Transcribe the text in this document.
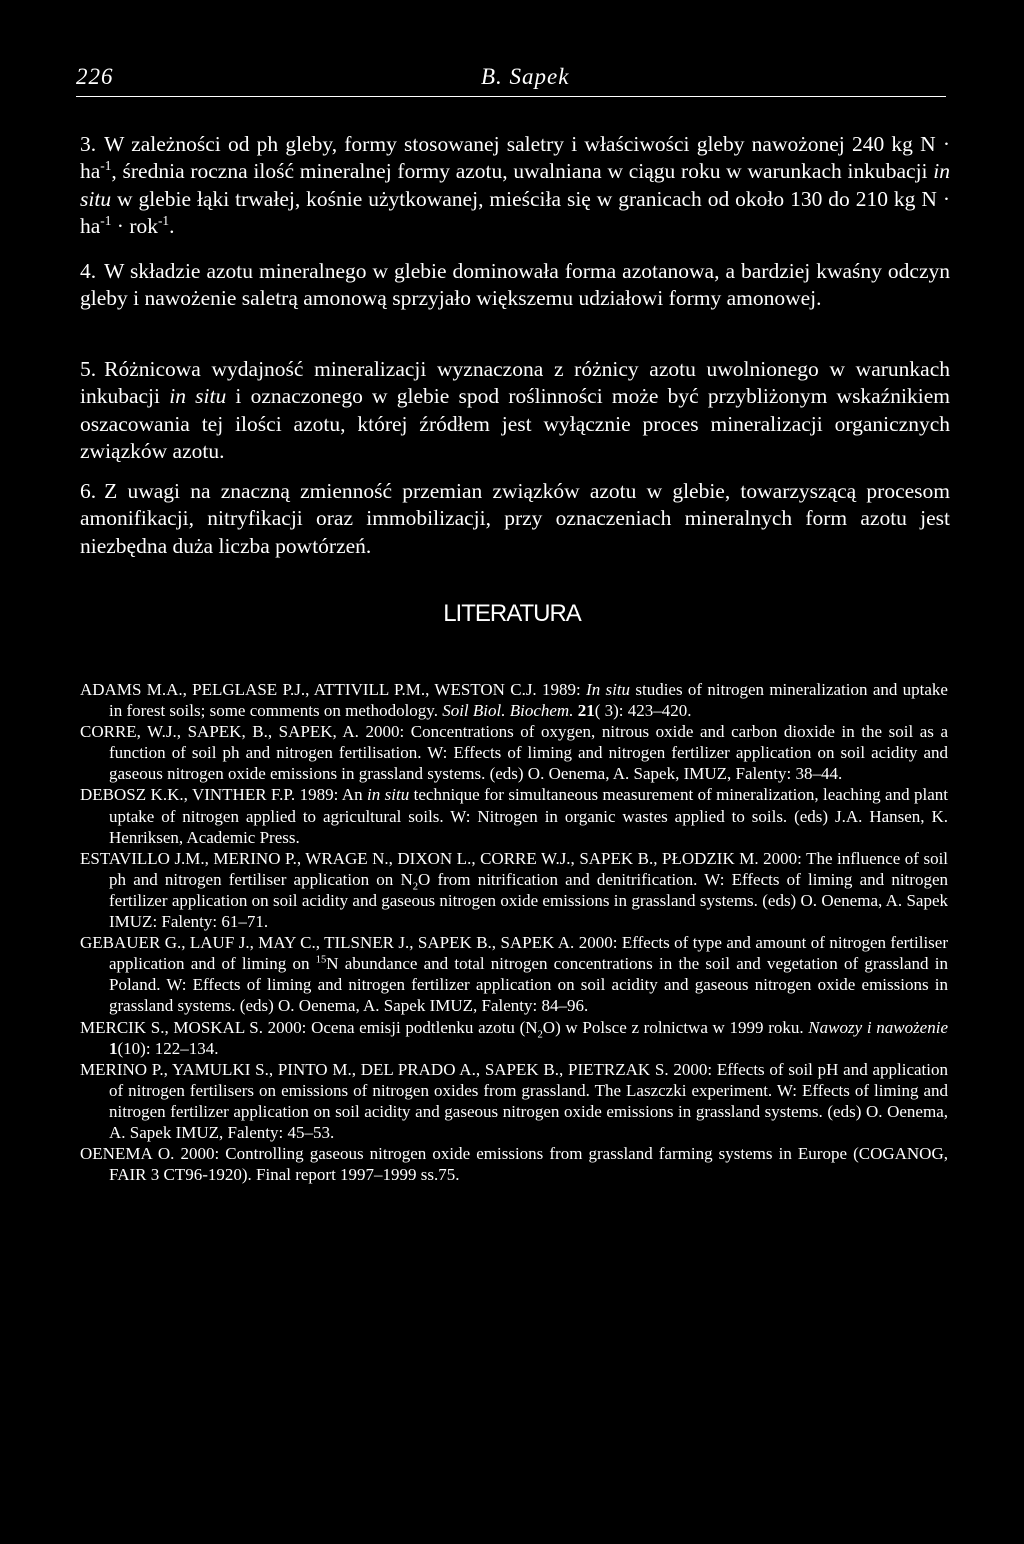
226	B. Sapek

3. W zależności od ph gleby, formy stosowanej saletry i właściwości gleby nawożonej 240 kg $N \cdot ha^{-1}$, średnia roczna ilość mineralnej formy azotu, uwalniana w ciągu roku w warunkach inkubacji in situ w glebie łąki trwałej, kośnie użytkowanej, mieściła się w granicach od około 130 do 210 kg $N \cdot ha^{-1} \cdot rok^{-1}$.

4. W składzie azotu mineralnego w glebie dominowała forma azotanowa, a bardziej kwaśny odczyn gleby i nawożenie saletrą amonową sprzyjało większemu udziałowi formy amonowej.

5. Różnicowa wydajność mineralizacji wyznaczona z różnicy azotu uwolnionego w warunkach inkubacji in situ i oznaczonego w glebie spod roślinności może być przybliżonym wskaźnikiem oszacowania tej ilości azotu, której źródłem jest wyłącznie proces mineralizacji organicznych związków azotu.

6. Z uwagi na znaczną zmienność przemian związków azotu w glebie, towarzyszącą procesom amonifikacji, nitryfikacji oraz immobilizacji, przy oznaczeniach mineralnych form azotu jest niezbędna duża liczba powtórzeń.

LITERATURA
ADAMS M.A., PELGLASE P.J., ATTIVILL P.M., WESTON C.J. 1989: In situ studies of nitrogen mineralization and uptake in forest soils; some comments on methodology. Soil Biol. Biochem. 21( 3): 423–420.
CORRE, W.J., SAPEK, B., SAPEK, A. 2000: Concentrations of oxygen, nitrous oxide and carbon dioxide in the soil as a function of soil ph and nitrogen fertilisation. W: Effects of liming and nitrogen fertilizer application on soil acidity and gaseous nitrogen oxide emissions in grassland systems. (eds) O. Oenema, A. Sapek, IMUZ, Falenty: 38–44.
DEBOSZ K.K., VINTHER F.P. 1989: An in situ technique for simultaneous measurement of mineralization, leaching and plant uptake of nitrogen applied to agricultural soils. W: Nitrogen in organic wastes applied to soils. (eds) J.A. Hansen, K. Henriksen, Academic Press.
ESTAVILLO J.M., MERINO P., WRAGE N., DIXON L., CORRE W.J., SAPEK B., PŁODZIK M. 2000: The influence of soil ph and nitrogen fertiliser application on $N_2O$ from nitrification and denitrification. W: Effects of liming and nitrogen fertilizer application on soil acidity and gaseous nitrogen oxide emissions in grassland systems. (eds) O. Oenema, A. Sapek IMUZ: Falenty: 61–71.
GEBAUER G., LAUF J., MAY C., TILSNER J., SAPEK B., SAPEK A. 2000: Effects of type and amount of nitrogen fertiliser application and of liming on $^{15}$N abundance and total nitrogen concentrations in the soil and vegetation of grassland in Poland. W: Effects of liming and nitrogen fertilizer application on soil acidity and gaseous nitrogen oxide emissions in grassland systems. (eds) O. Oenema, A. Sapek IMUZ, Falenty: 84–96.
MERCIK S., MOSKAL S. 2000: Ocena emisji podtlenku azotu $(N_2O)$ w Polsce z rolnictwa w 1999 roku. Nawozy i nawożenie 1(10): 122–134.
MERINO P., YAMULKI S., PINTO M., DEL PRADO A., SAPEK B., PIETRZAK S. 2000: Effects of soil pH and application of nitrogen fertilisers on emissions of nitrogen oxides from grassland. The Laszczki experiment. W: Effects of liming and nitrogen fertilizer application on soil acidity and gaseous nitrogen oxide emissions in grassland systems. (eds) O. Oenema, A. Sapek IMUZ, Falenty: 45–53.
OENEMA O. 2000: Controlling gaseous nitrogen oxide emissions from grassland farming systems in Europe (COGANOG, FAIR 3 CT96-1920). Final report 1997–1999 ss.75.
